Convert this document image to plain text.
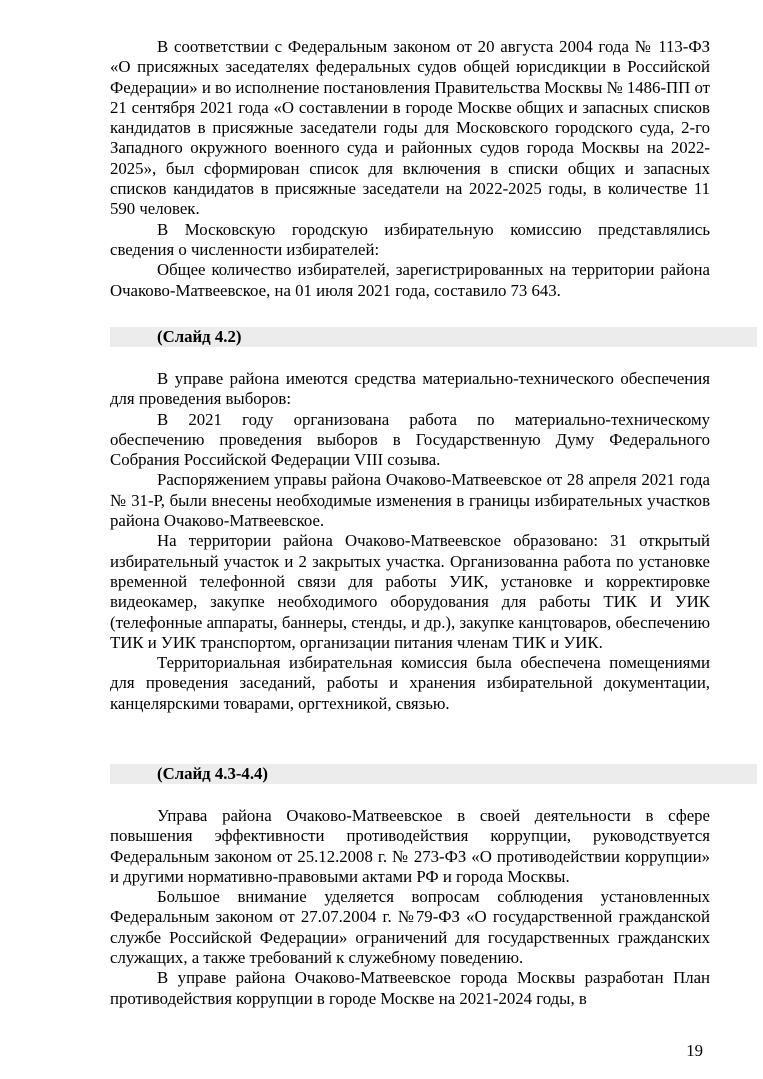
В соответствии с Федеральным законом от 20 августа 2004 года № 113-ФЗ «О присяжных заседателях федеральных судов общей юрисдикции в Российской Федерации» и во исполнение постановления Правительства Москвы № 1486-ПП от 21 сентября 2021 года «О составлении в городе Москве общих и запасных списков кандидатов в присяжные заседатели годы для Московского городского суда, 2-го Западного окружного военного суда и районных судов города Москвы на 2022-2025», был сформирован список для включения в списки общих и запасных списков кандидатов в присяжные заседатели на 2022-2025 годы, в количестве 11 590 человек.

В Московскую городскую избирательную комиссию представлялись сведения о численности избирателей:

Общее количество избирателей, зарегистрированных на территории района Очаково-Матвеевское, на 01 июля 2021 года, составило 73 643.

(Слайд 4.2)

В управе района имеются средства материально-технического обеспечения для проведения выборов:

В 2021 году организована работа по материально-техническому обеспечению проведения выборов в Государственную Думу Федерального Собрания Российской Федерации VIII созыва.

Распоряжением управы района Очаково-Матвеевское от 28 апреля 2021 года № 31-Р, были внесены необходимые изменения в границы избирательных участков района Очаково-Матвеевское.

На территории района Очаково-Матвеевское образовано: 31 открытый избирательный участок и 2 закрытых участка. Организованна работа по установке временной телефонной связи для работы УИК, установке и корректировке видеокамер, закупке необходимого оборудования для работы ТИК И УИК (телефонные аппараты, баннеры, стенды, и др.), закупке канцтоваров, обеспечению ТИК и УИК транспортом, организации питания членам ТИК и УИК.

Территориальная избирательная комиссия была обеспечена помещениями для проведения заседаний, работы и хранения избирательной документации, канцелярскими товарами, оргтехникой, связью.

(Слайд 4.3-4.4)

Управа района Очаково-Матвеевское в своей деятельности в сфере повышения эффективности противодействия коррупции, руководствуется Федеральным законом от 25.12.2008 г. № 273-ФЗ «О противодействии коррупции» и другими нормативно-правовыми актами РФ и города Москвы.

Большое внимание уделяется вопросам соблюдения установленных Федеральным законом от 27.07.2004 г. №79-ФЗ «О государственной гражданской службе Российской Федерации» ограничений для государственных гражданских служащих, а также требований к служебному поведению.

В управе района Очаково-Матвеевское города Москвы разработан План противодействия коррупции в городе Москве на 2021-2024 годы, в

19
